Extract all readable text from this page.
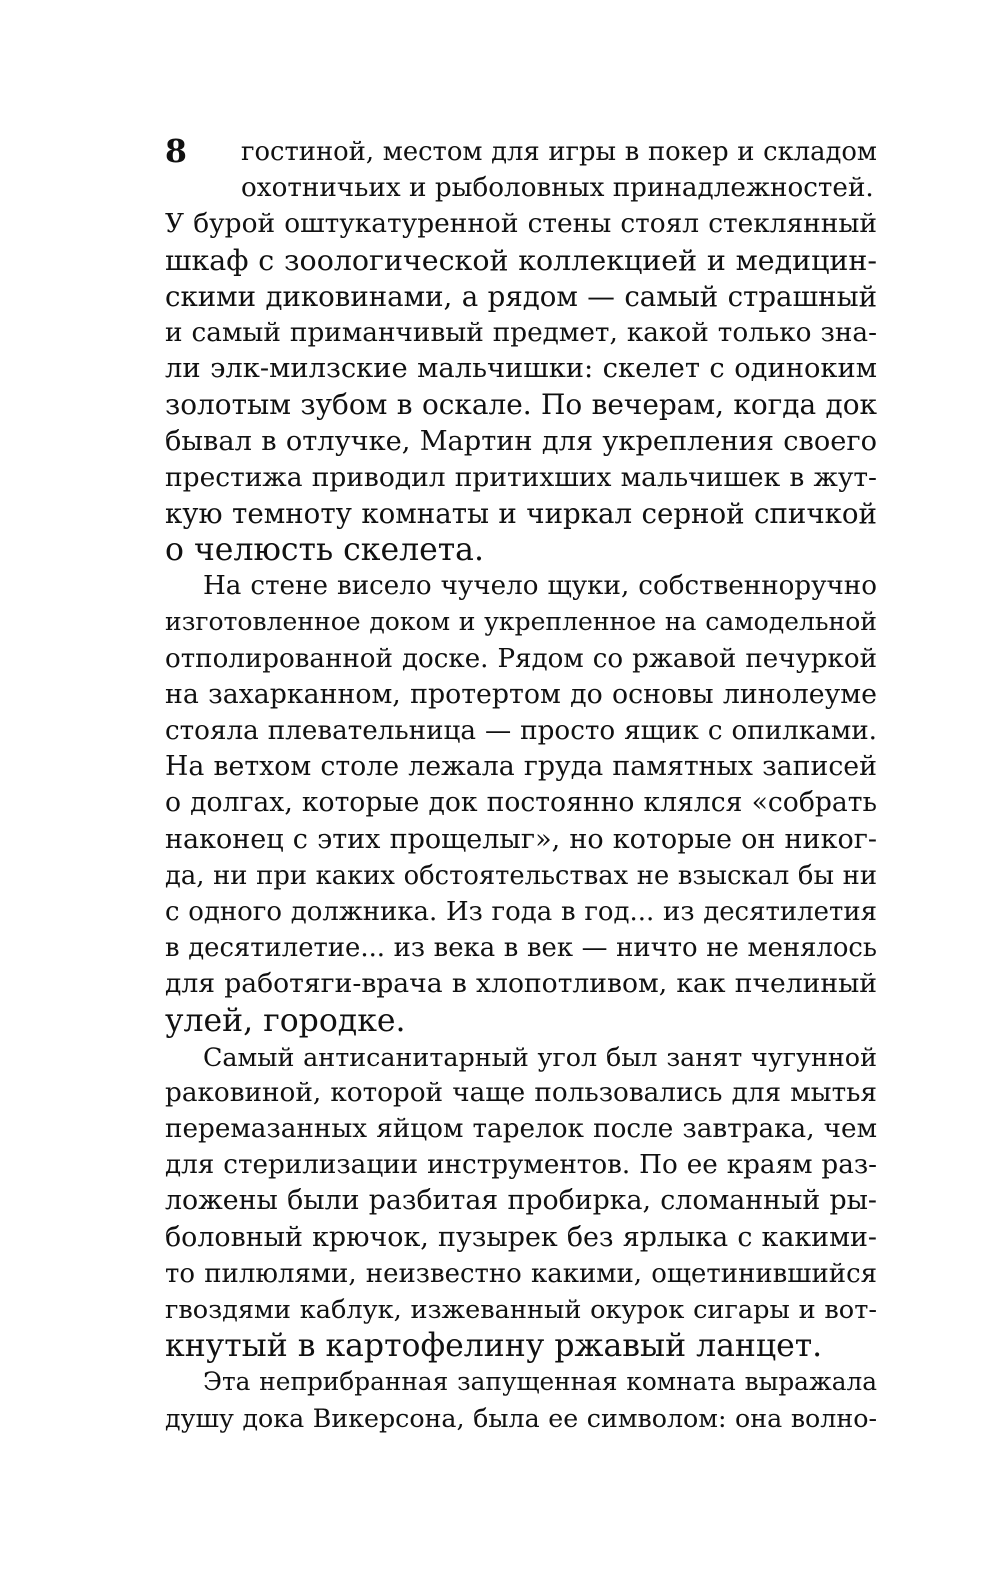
8	гостиной, местом для игры в покер и складом
охотничьих и рыболовных принадлежностей.
У бурой оштукатуренной стены стоял стеклянный
шкаф с зоологической коллекцией и медицин-
скими диковинами, а рядом — самый страшный
и самый приманчивый предмет, какой только зна-
ли элк-милзские мальчишки: скелет с одиноким
золотым зубом в оскале. По вечерам, когда док
бывал в отлучке, Мартин для укрепления своего
престижа приводил притихших мальчишек в жут-
кую темноту комнаты и чиркал серной спичкой
о челюсть скелета.
На стене висело чучело щуки, собственноручно
изготовленное доком и укрепленное на самодельной
отполированной доске. Рядом со ржавой печуркой
на захарканном, протертом до основы линолеуме
стояла плевательница — просто ящик с опилками.
На ветхом столе лежала груда памятных записей
о долгах, которые док постоянно клялся «собрать
наконец с этих прощелыг», но которые он никог-
да, ни при каких обстоятельствах не взыскал бы ни
с одного должника. Из года в год... из десятилетия
в десятилетие... из века в век — ничто не менялось
для работяги-врача в хлопотливом, как пчелиный
улей, городке.
Самый антисанитарный угол был занят чугунной
раковиной, которой чаще пользовались для мытья
перемазанных яйцом тарелок после завтрака, чем
для стерилизации инструментов. По ее краям раз-
ложены были разбитая пробирка, сломанный ры-
боловный крючок, пузырек без ярлыка с какими-
то пилюлями, неизвестно какими, ощетинившийся
гвоздями каблук, изжеванный окурок сигары и вот-
кнутый в картофелину ржавый ланцет.
Эта неприбранная запущенная комната выражала
душу дока Викерсона, была ее символом: она волно-
